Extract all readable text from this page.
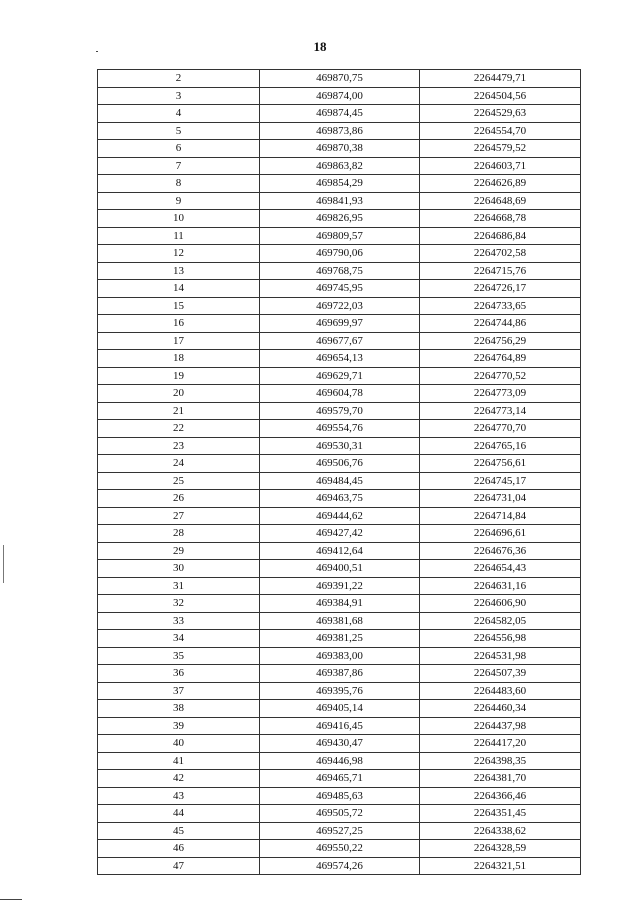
18
2	469870,75	2264479,71
3	469874,00	2264504,56
4	469874,45	2264529,63
5	469873,86	2264554,70
6	469870,38	2264579,52
7	469863,82	2264603,71
8	469854,29	2264626,89
9	469841,93	2264648,69
10	469826,95	2264668,78
11	469809,57	2264686,84
12	469790,06	2264702,58
13	469768,75	2264715,76
14	469745,95	2264726,17
15	469722,03	2264733,65
16	469699,97	2264744,86
17	469677,67	2264756,29
18	469654,13	2264764,89
19	469629,71	2264770,52
20	469604,78	2264773,09
21	469579,70	2264773,14
22	469554,76	2264770,70
23	469530,31	2264765,16
24	469506,76	2264756,61
25	469484,45	2264745,17
26	469463,75	2264731,04
27	469444,62	2264714,84
28	469427,42	2264696,61
29	469412,64	2264676,36
30	469400,51	2264654,43
31	469391,22	2264631,16
32	469384,91	2264606,90
33	469381,68	2264582,05
34	469381,25	2264556,98
35	469383,00	2264531,98
36	469387,86	2264507,39
37	469395,76	2264483,60
38	469405,14	2264460,34
39	469416,45	2264437,98
40	469430,47	2264417,20
41	469446,98	2264398,35
42	469465,71	2264381,70
43	469485,63	2264366,46
44	469505,72	2264351,45
45	469527,25	2264338,62
46	469550,22	2264328,59
47	469574,26	2264321,51
